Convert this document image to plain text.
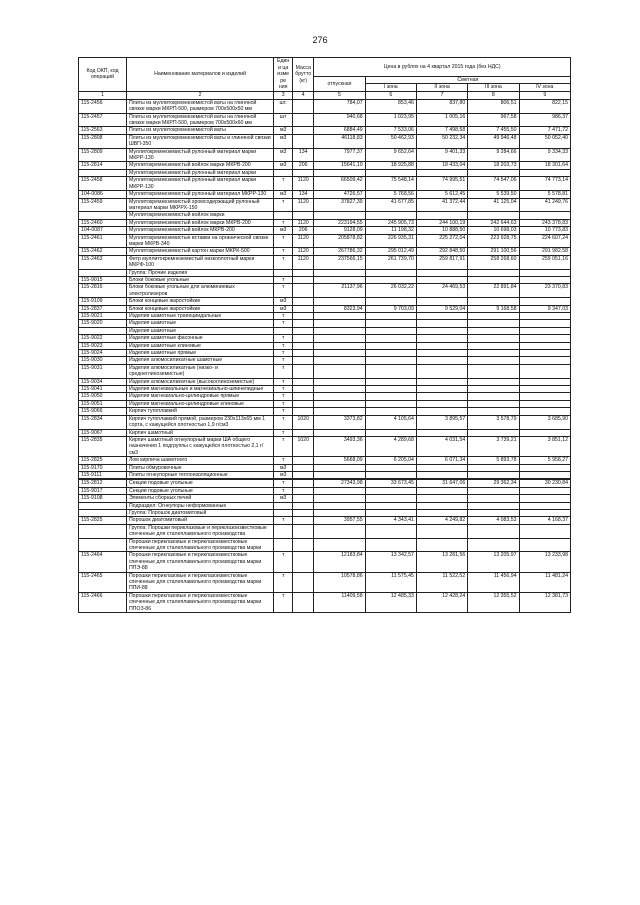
276
Код ОКП, код операций	Наименование материалов и изделий	Едини ца измере ния	Масса брутто (кг)	Цена в рублях на 4 квартал 2015 года (без НДС)				
				отпускная	Сметная			
					I зона	II зона	III зона	IV зона
1	2	3	4	5	6	7	8	9
115-2456	Плиты из муллитокремнеземистой ваты на глиняной связке марки МКРП-500, размером 700х500х50 мм	шт.		784,07	853,46	837,80	806,51	822,15
115-2457	Плиты из муллитокремнеземистой ваты на глиняной связке марки МКРП-500, размером 700х500х60 мм	шт		940,68	1 023,95	1 005,16	967,58	986,37
115-2563	Плиты из муллитокремнеземистой ваты	м3		6884,49	7 533,06	7 498,58	7 455,50	7 471,72
115-2808	Плиты из муллитокремнеземистой ваты и глиняной связки ШВП-350	м3		46118,83	50 462,93	50 232,34	49 946,48	50 052,40
115-2809	Муллитокремнеземистый рулонный материал марки МКРР-130	м3	134	7977,37	9 652,64	9 401,33	9 284,66	9 334,33
115-2814	Муллитокремнеземистый войлок марки МКРВ-200	м3	206	15641,10	18 925,88	18 433,04	18 203,73	18 301,64
	Муллитокремнеземистый рулонный материал марки							
115-2458	Муллитокремнеземистый рулонный материал марки МКРР-130	т	1120	66509,42	75 548,14	74 995,51	74 547,06	74 773,14
104-0086	Муллитокремнеземистый рулонный материал МКРР-130	м3	134	4726,57	5 768,56	5 612,45	5 539,50	5 578,81
115-2459	Муллитокремнеземистый хромсодержащий рулонный материал марки МКРРХ-150	т	1120	37827,39	41 677,85	41 372,44	41 125,04	41 249,76
	Муллитокремнеземистый войлок марки							
115-2460	Муллитокремнеземистый войлок марки МКРВ-200	т	1120	223194,55	245 905,73	244 100,19	242 644,63	243 378,83
104-0087	Муллитокремнеземистый войлок МКРВ-200	м3	206	9128,09	11 198,32	10 888,50	10 698,03	10 773,83
115-2461	Муллитокремнеземистые вставки на органической связке марки МКРВ-340	т	1120	205878,82	226 935,31	225 272,04	223 928,75	224 607,24
115-2462	Муллитокремнеземистый картон марки МКРК-500	т	1120	267786,32	295 012,49	292 848,50	291 100,56	291 982,58
115-2463	Фетр муллитокремнеземистый низкоплотный марки МКРФ-100	т	1120	237566,15	261 739,70	259 817,91	258 268,60	259 051,16
	Группа: Прочие изделия							
115-9015	Блоки боковые угольные	т						
115-2816	Блоки боковые угольные для алюминиевых электролизеров	т		21137,96	26 032,22	24 469,53	22 891,84	23 370,83
115-9109	Блоки концевые жаростойкие	м3						
115-2837	Блоки концевые жаростойкие	м3		8323,94	9 703,09	9 529,04	9 168,58	9 347,03
115-9021	Изделия шамотные трапециидальные	т						
115-9020	Изделия шамотные	т						
	Изделия шамотные							
115-9022	Изделия шамотные фасонные	т						
115-9023	Изделия шамотные клиновые	т						
115-9024	Изделия шамотные прямые	т						
115-9030	Изделия алюмосиликатные шамотные	т						
115-9031	Изделия алюмосиликатные (низко- и среднеглиноземистые)	т						
115-9034	Изделия алюмосиликатные (высокоглиноземистые)	т						
115-9041	Изделия магнезиальные и магнезиально-шпинелидные	т						
115-9050	Изделия магнезиально-цилиндровые прямые	т						
115-9051	Изделия магнезиально-цилиндровые клиновые	т						
115-9066	Кирпич тугоплавкий	т						
115-2834	Кирпич тугоплавкий прямой, размером 230х113х65 мм 1 сорта, с кажущейся плотностью 1,9 г/см3	т	1020	3373,82	4 105,64	3 895,57	3 578,79	3 685,90
115-9067	Кирпич шамотный	т						
115-2835	Кирпич шамотный огнеупорный марки ША общего назначения 1 подгруппы с кажущейся плотностью 2,1 г/см3	т	1020	3493,36	4 289,68	4 031,54	3 739,21	3 851,12
115-2825	Лом кирпича шамотного	т		5668,09	6 205,04	6 071,34	5 893,78	5 958,27
115-9170	Плиты обмуровочные	м3						
115-9111	Плиты огнеупорные теплоизоляционные	м3						

115-2812	Секции подовые угольные	т		27343,98	33 673,45	31 647,06	29 362,34	30 230,84
115-9017	Секции подовые угольные	т						
115-9108	Элементы сборных печей	м3						
	Подраздел: Огнеупоры неформованные							
	Группа: Порошок диатомитовый							
115-2825	Порошок диатомитовый	т		3957,55	4 343,41	4 249,82	4 083,53	4 168,37
	Группа: Порошки периклазовые и периклазоизвестковые спеченные для сталеплавильного производства							
	Порошки периклазовые и периклазоизвестковые спеченные для сталеплавильного производства марки							
115-2464	Порошки периклазовые и периклазоизвестковые спеченные для сталеплавильного производства марки ППЭ-88	т		12183,84	13 342,57	13 281,56	13 205,97	13 233,98
115-2465	Порошки периклазовые и периклазоизвестковые спеченные для сталеплавильного производства марки ППИ-88	т		10578,86	11 575,45	11 522,52	11 456,94	11 481,24
115-2466	Порошки периклазовые и периклазоизвестковые спеченные для сталеплавильного производства марки ППОЗ-86	т		11409,58	12 485,33	12 428,24	12 355,52	12 381,73
